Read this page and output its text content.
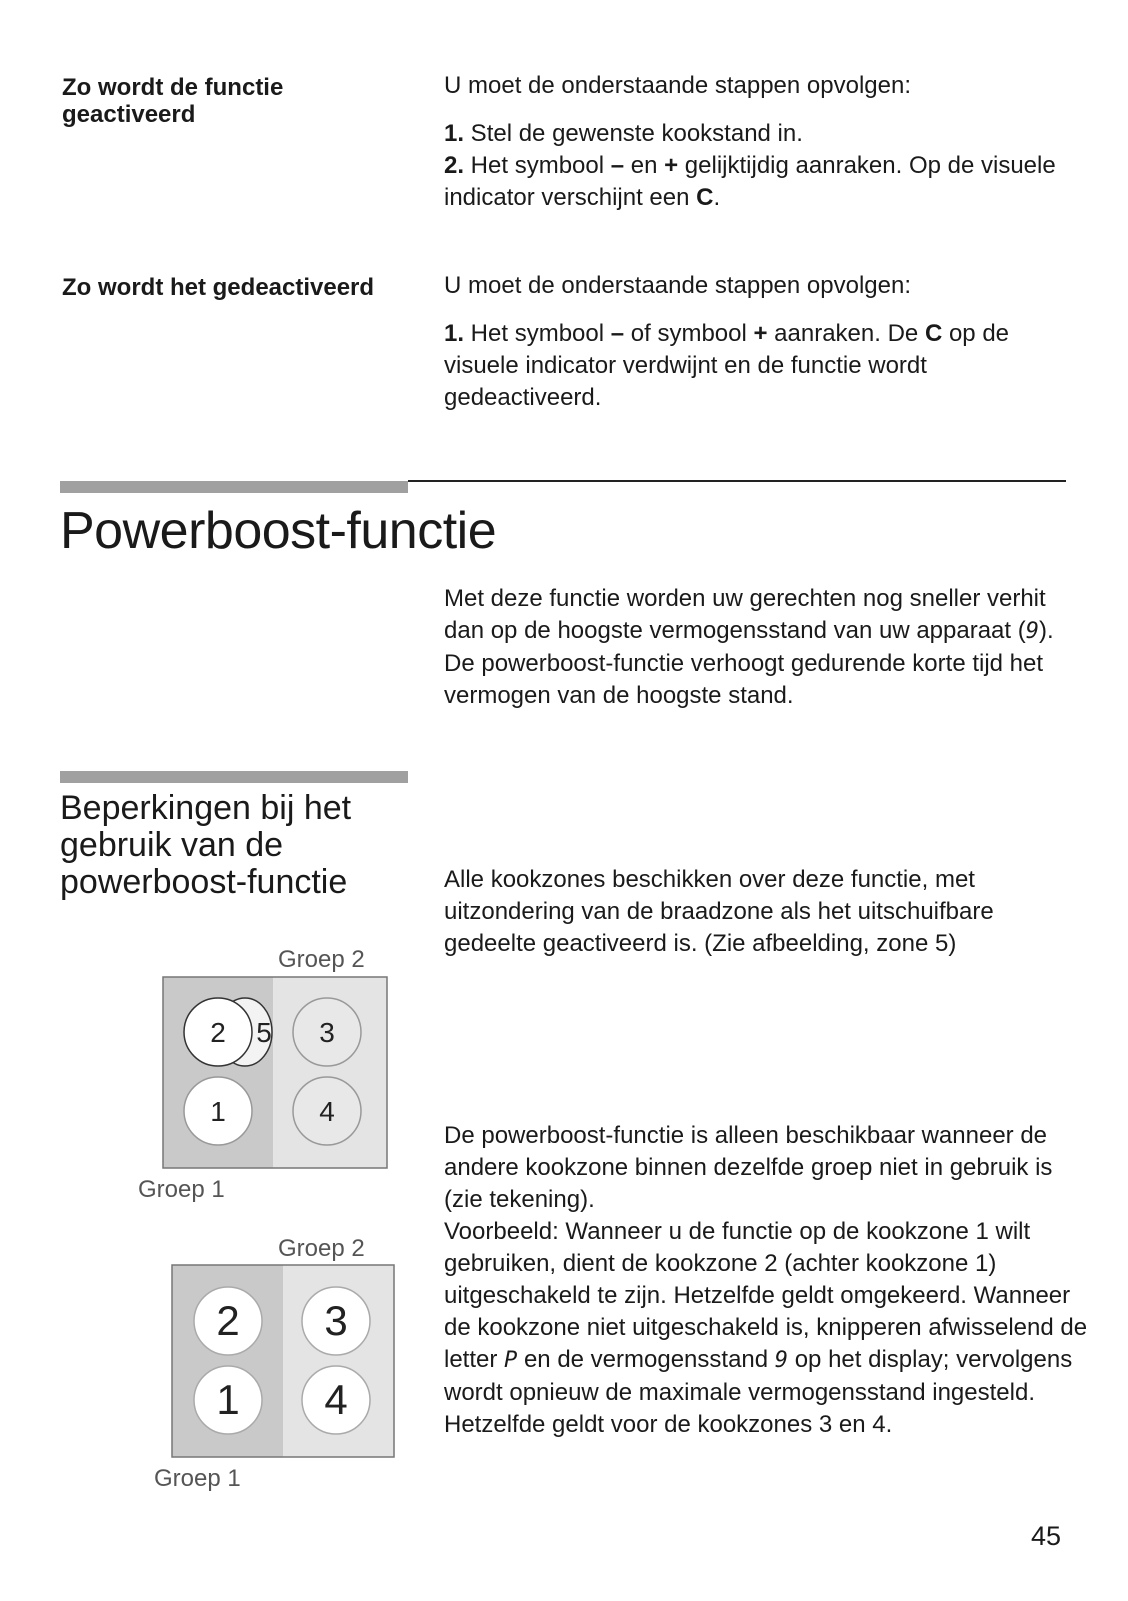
Zo wordt de functie geactiveerd

U moet de onderstaande stappen opvolgen:

1. Stel de gewenste kookstand in.

2. Het symbool – en + gelijktijdig aanraken. Op de visuele indicator verschijnt een C.

Zo wordt het gedeactiveerd	U moet de onderstaande stappen opvolgen:

1. Het symbool – of symbool + aanraken. De C op de visuele indicator verdwijnt en de functie wordt gedeactiveerd.

Powerboost-functie

Met deze functie worden uw gerechten nog sneller verhit dan op de hoogste vermogensstand van uw apparaat (9).

De powerboost-functie verhoogt gedurende korte tijd het vermogen van de hoogste stand.

Beperkingen bij het gebruik van de powerboost-functie	Alle kookzones beschikken over deze functie, met uitzondering van de braadzone als het uitschuifbare gedeelte geactiveerd is. (Zie afbeelding, zone 5)

De powerboost-functie is alleen beschikbaar wanneer de andere kookzone binnen dezelfde groep niet in gebruik is (zie tekening).

Voorbeeld: Wanneer u de functie op de kookzone 1 wilt gebruiken, dient de kookzone 2 (achter kookzone 1) uitgeschakeld te zijn. Hetzelfde geldt omgekeerd. Wanneer de kookzone niet uitgeschakeld is, knipperen afwisselend de letter P en de vermogensstand 9 op het display; vervolgens wordt opnieuw de maximale vermogensstand ingesteld.

Hetzelfde geldt voor de kookzones 3 en 4.

Groep 2
2 5 3
1	4
Groep 1
Groep 2
2 3
1 4
Groep 1
45
